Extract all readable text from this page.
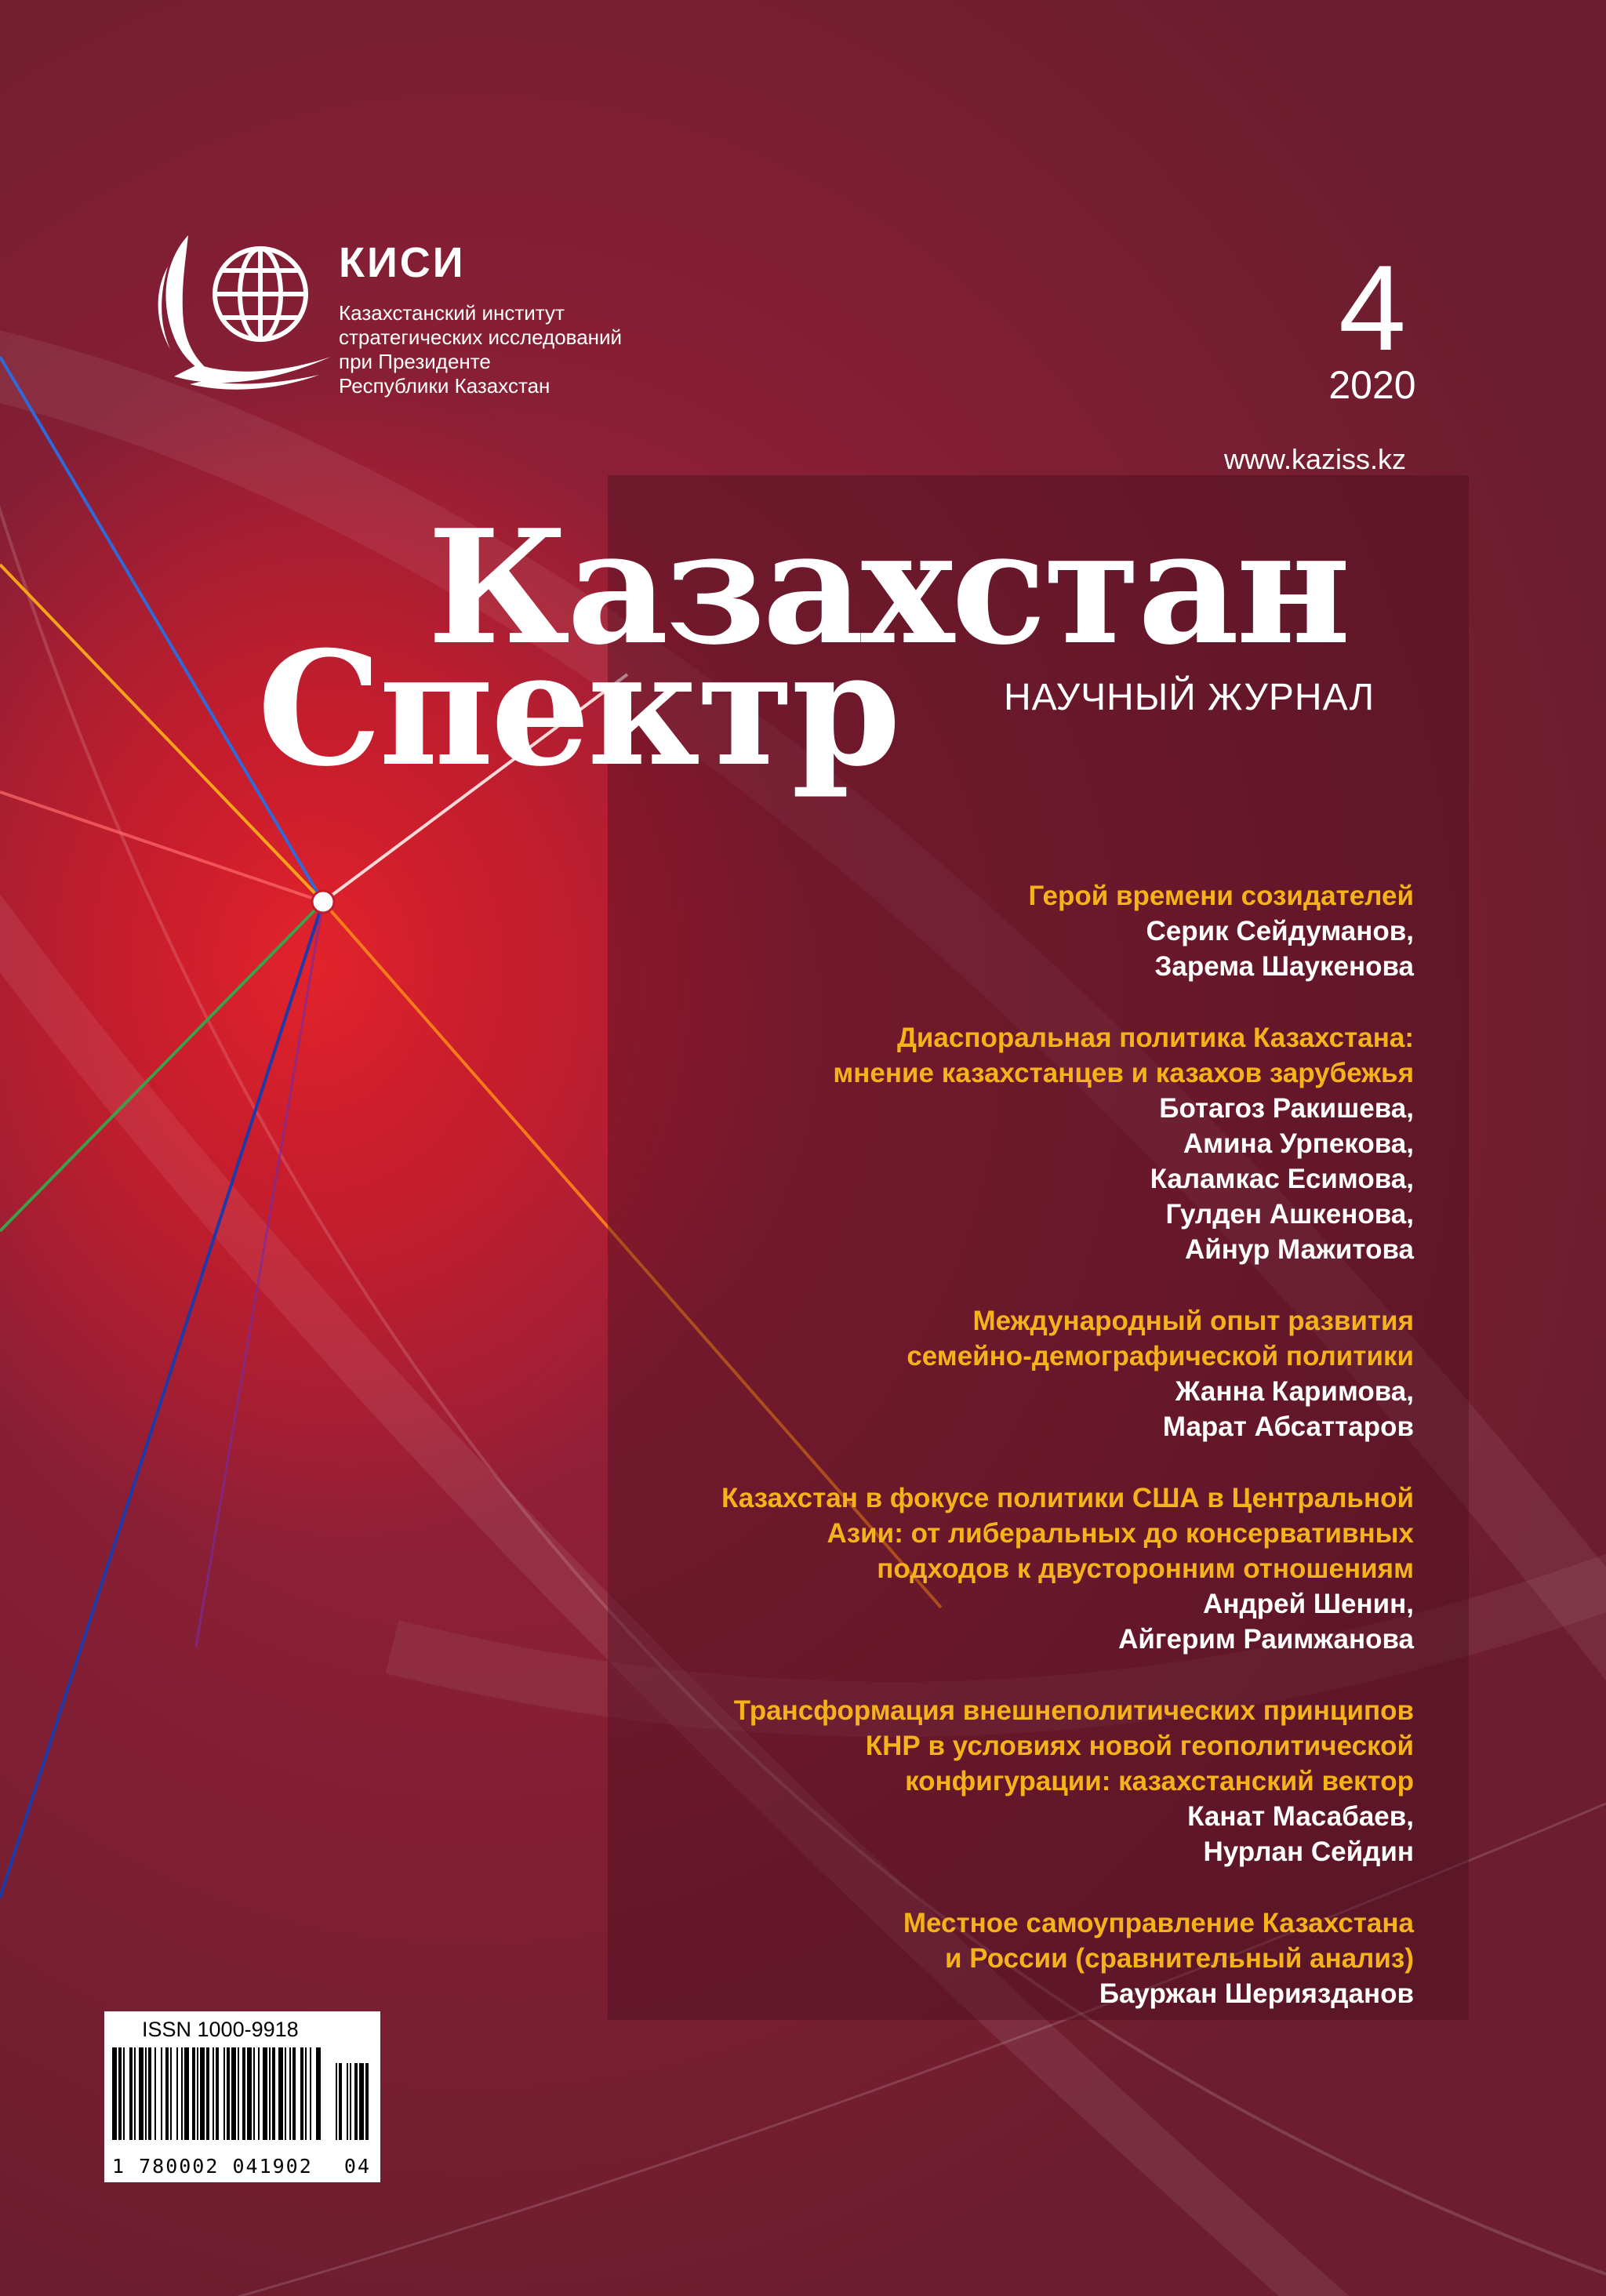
КИСИ
Казахстанский институт
стратегических исследований
при Президенте
Республики Казахстан
4
2020
www.kaziss.kz
Казахстан
Спектр	НАУЧНЫЙ ЖУРНАЛ
Герой времени созидателей
Серик Сейдуманов,
Зарема Шаукенова
Диаспоральная политика Казахстана:
мнение казахстанцев и казахов зарубежья
Ботагоз Ракишева,
Амина Урпекова,
Каламкас Есимова,
Гулден Ашкенова,
Айнур Мажитова
Международный опыт развития
семейно-демографической политики
Жанна Каримова,
Марат Абсаттаров
Казахстан в фокусе политики США в Центральной
Азии: от либеральных до консервативных
подходов к двусторонним отношениям
Андрей Шенин,
Айгерим Раимжанова
Трансформация внешнеполитических принципов
КНР в условиях новой геополитической
конфигурации: казахстанский вектор
Канат Масабаев,
Нурлан Сейдин
Местное самоуправление Казахстана
и России (сравнительный анализ)
Бауржан Шериязданов
ISSN 1000-9918
1 780002 041902 04
